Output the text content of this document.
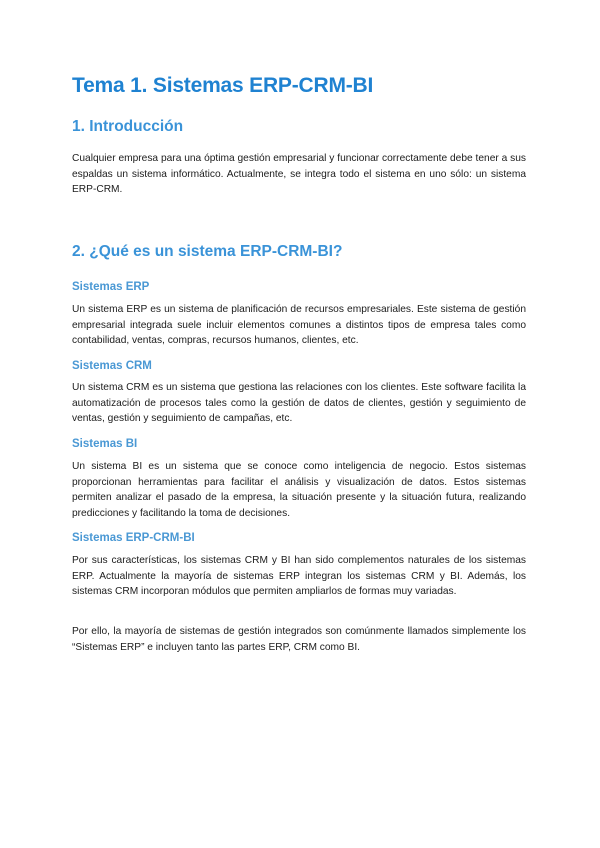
Tema 1. Sistemas ERP-CRM-BI
1. Introducción

Cualquier empresa para una óptima gestión empresarial y funcionar correctamente debe tener a sus espaldas un sistema informático. Actualmente, se integra todo el sistema en uno sólo: un sistema ERP-CRM.

2. ¿Qué es un sistema ERP-CRM-BI?
Sistemas ERP

Un sistema ERP es un sistema de planificación de recursos empresariales. Este sistema de gestión empresarial integrada suele incluir elementos comunes a distintos tipos de empresa tales como contabilidad, ventas, compras, recursos humanos, clientes, etc.

Sistemas CRM

Un sistema CRM es un sistema que gestiona las relaciones con los clientes. Este software facilita la automatización de procesos tales como la gestión de datos de clientes, gestión y seguimiento de ventas, gestión y seguimiento de campañas, etc.

Sistemas BI

Un sistema BI es un sistema que se conoce como inteligencia de negocio. Estos sistemas proporcionan herramientas para facilitar el análisis y visualización de datos. Estos sistemas permiten analizar el pasado de la empresa, la situación presente y la situación futura, realizando predicciones y facilitando la toma de decisiones.

Sistemas ERP-CRM-BI

Por sus características, los sistemas CRM y BI han sido complementos naturales de los sistemas ERP. Actualmente la mayoría de sistemas ERP integran los sistemas CRM y BI. Además, los sistemas CRM incorporan módulos que permiten ampliarlos de formas muy variadas.

Por ello, la mayoría de sistemas de gestión integrados son comúnmente llamados simplemente los “Sistemas ERP” e incluyen tanto las partes ERP, CRM como BI.
